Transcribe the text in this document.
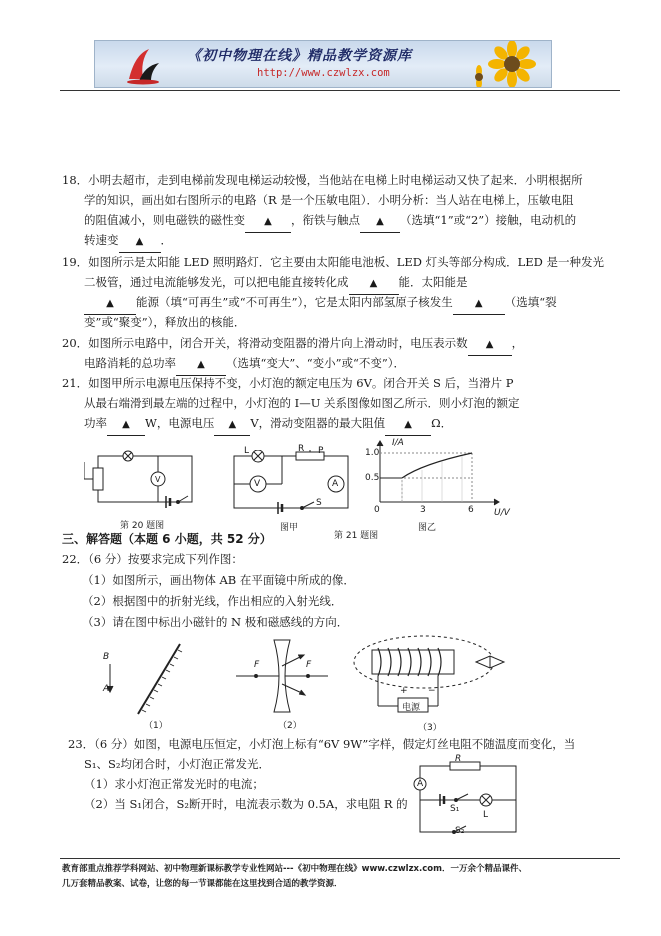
《初中物理在线》精品教学资源库
http://www.czwlzx.com
18．小明去超市，走到电梯前发现电梯运动较慢，当他站在电梯上时电梯运动又快了起来．小明根据所
学的知识，画出如右图所示的电路（R 是一个压敏电阻）．小明分析：当人站在电梯上，压敏电阻
的阻值减小，则电磁铁的磁性变 ▲ ，衔铁与触点 ▲ （选填“1”或“2”）接触，电动机的
转速变 ▲ ．
19．如图所示是太阳能 LED 照明路灯．它主要由太阳能电池板、LED 灯头等部分构成．LED 是一种发光
二极管，通过电流能够发光，可以把电能直接转化成 ▲ 能．太阳能是
▲ 能源（填“可再生”或“不可再生”），它是太阳内部氢原子核发生 ▲ （选填“裂
变”或“聚变”），释放出的核能．
20．如图所示电路中，闭合开关，将滑动变阻器的滑片向上滑动时，电压表示数 ▲ ，
电路消耗的总功率 ▲ （选填“变大”、“变小”或“不变”）．
21．如图甲所示电源电压保持不变，小灯泡的额定电压为 6V。闭合开关 S 后，当滑片 P
从最右端滑到最左端的过程中，小灯泡的 I—U 关系图像如图乙所示．则小灯泡的额定
功率 ▲ W，电源电压 ▲ V，滑动变阻器的最大阻值 ▲ Ω．
V
第 20 题图
L	R P
V	A
S
图甲
第 21 题图
I/A
1.0
0.5
0	3	6 U/V
图乙
三、解答题（本题 6 小题，共 52 分）
22．（6 分）按要求完成下列作图：
（1）如图所示，画出物体 AB 在平面镜中所成的像．
（2）根据图中的折射光线，作出相应的入射光线．
（3）请在图中标出小磁针的 N 极和磁感线的方向．
B
A
（1）
F	F
（2）
+ −
电源
（3）
23．（6 分）如图，电源电压恒定，小灯泡上标有“6V 9W”字样，假定灯丝电阻不随温度而变化，当
S₁、S₂均闭合时，小灯泡正常发光．
（1）求小灯泡正常发光时的电流；
（2）当 S₁闭合，S₂断开时，电流表示数为 0.5A，求电阻 R 的
R
A
S₁
L
S₂
教育部重点推荐学科网站、初中物理新课标教学专业性网站---《初中物理在线》www.czwlzx.com．一万余个精品课件、
几万套精品教案、试卷，让您的每一节课都能在这里找到合适的教学资源．
